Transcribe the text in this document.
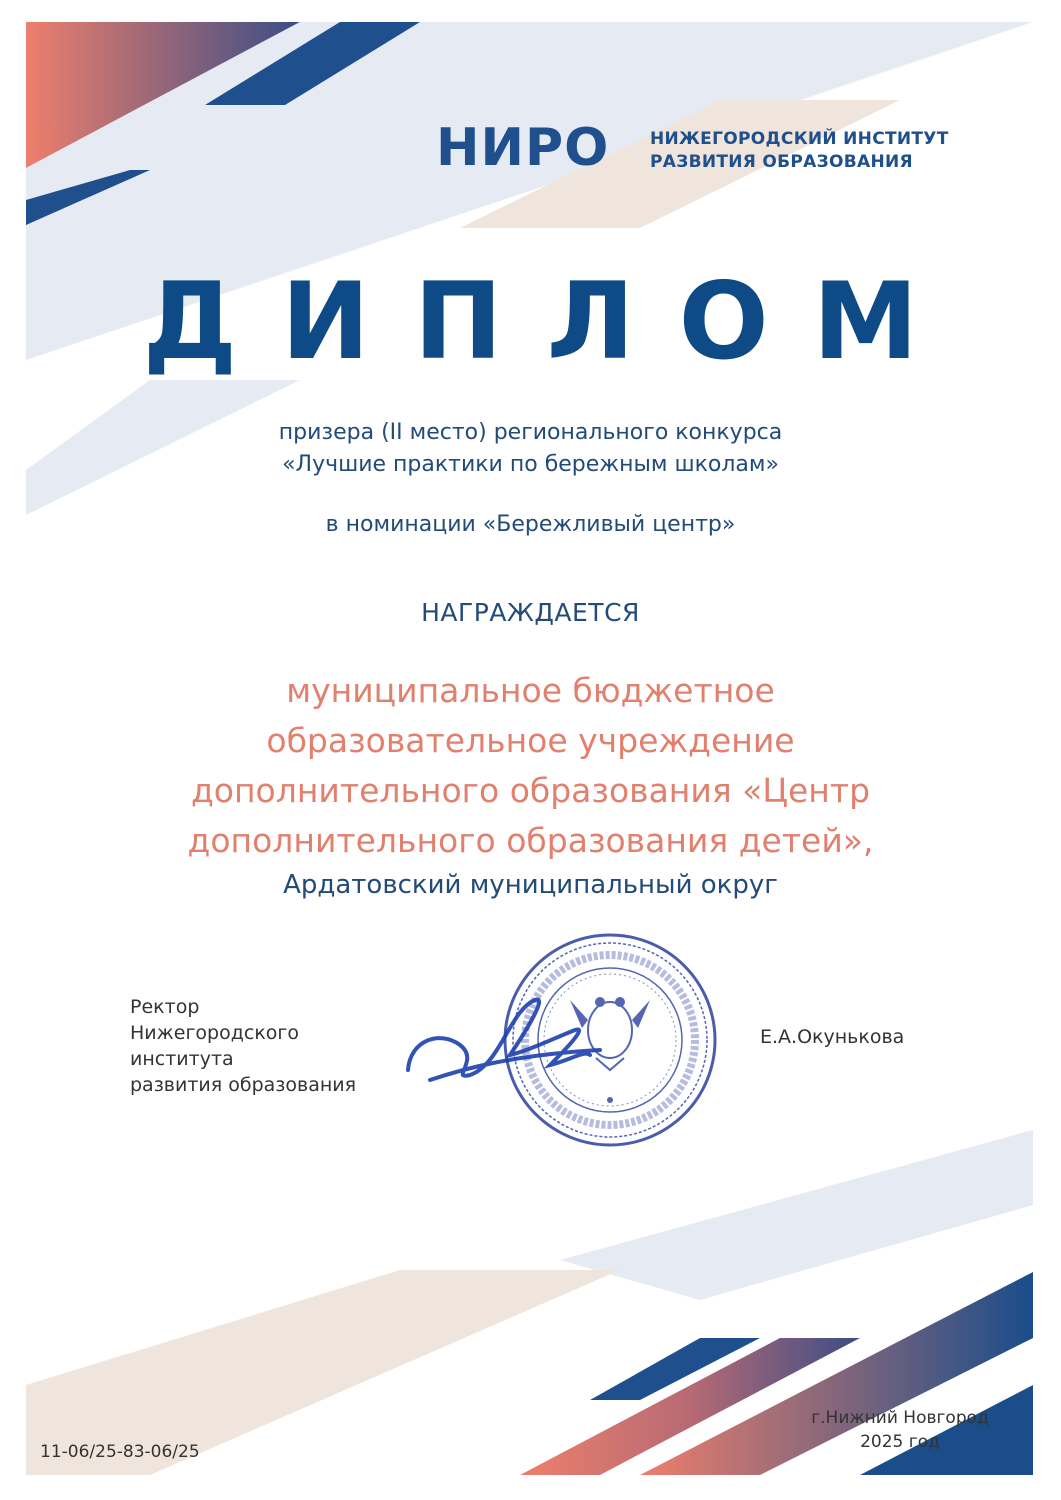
НИРО НИЖЕГОРОДСКИЙ ИНСТИТУТ
РАЗВИТИЯ ОБРАЗОВАНИЯ
ДИПЛОМ
призера (II место) регионального конкурса
«Лучшие практики по бережным школам»
в номинации «Бережливый центр»
НАГРАЖДАЕТСЯ
муниципальное бюджетное
образовательное учреждение
дополнительного образования «Центр
дополнительного образования детей»,
Ардатовский муниципальный округ
Ректор
Нижегородского
института
развития образования
Е.А.Окунькова
11-06/25-83-06/25
г.Нижний Новгород
2025 год
